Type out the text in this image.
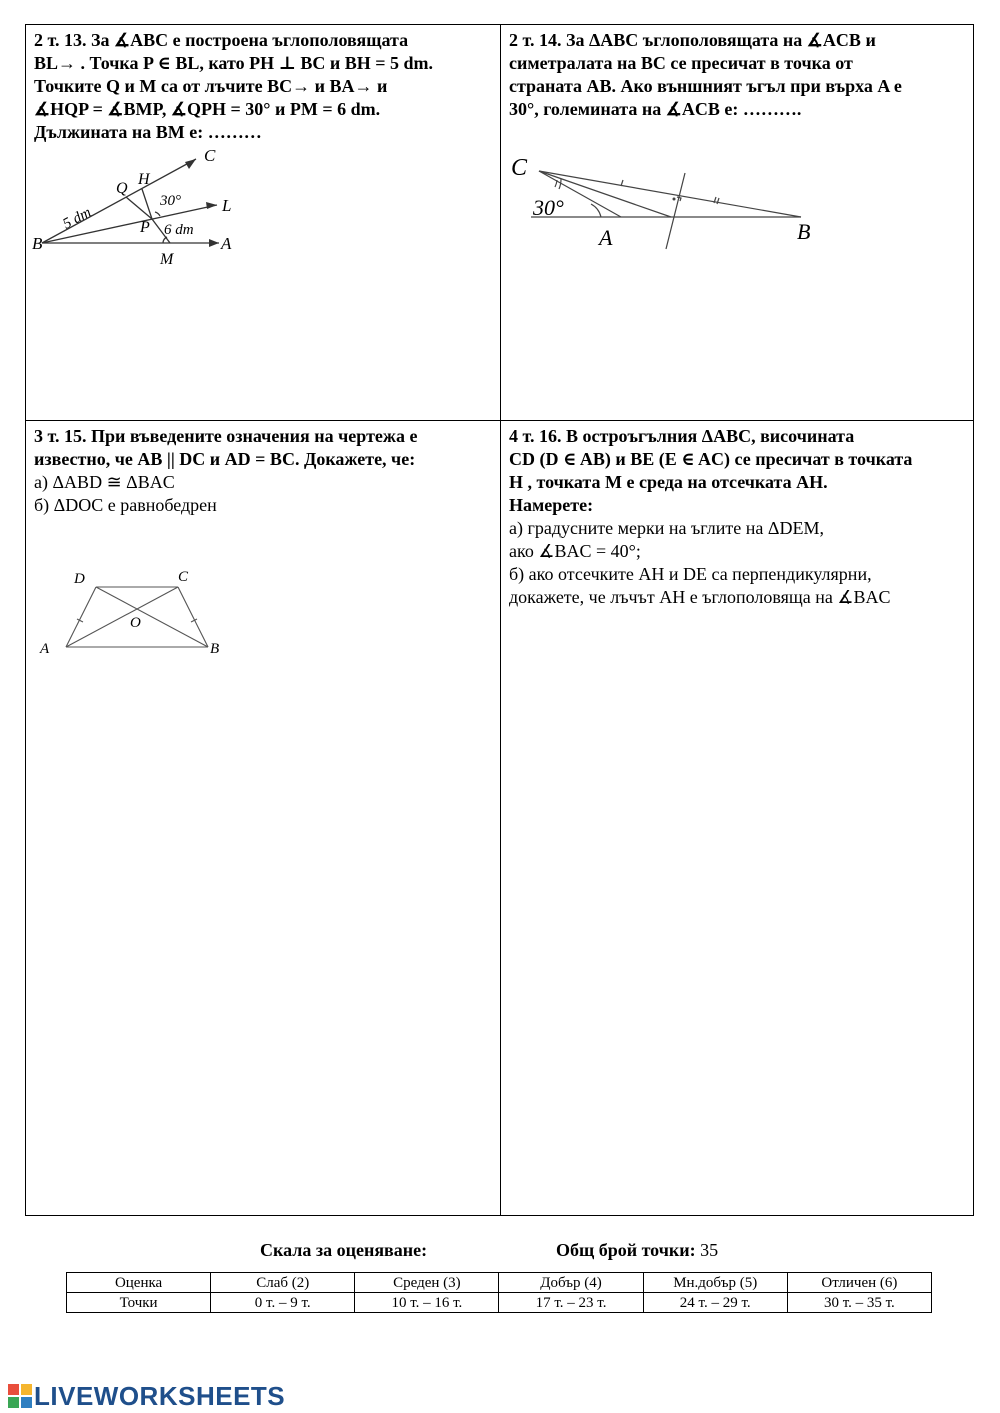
2 т. 13. За ∡ABC е построена ъглополовящата
BL→ . Точка P ∈ BL, като PH ⊥ BC и BH = 5 dm.
Точките Q и M са от лъчите BC→ и BA→ и
∡HQP = ∡BMP, ∡QPH = 30° и PM = 6 dm.
Дължината на BM е: ………
C
H
Q
5 dm
30° L
P 6 dm
B	A
M
2 т. 14. За ΔABC ъглополовящата на ∡ACB и
симетралата на BC се пресичат в точка от
страната AB. Ако външният ъгъл при върха A е
30°, големината на ∡ACB е: ……….
C
30°
A	B
3 т. 15. При въведените означения на чертежа е
известно, че AB || DC и AD = BC. Докажете, че:
а) ΔABD ≅ ΔBAC
б) ΔDOC е равнобедрен
D	C
O
A	B
4 т. 16. В остроъгълния ΔABC, височината
CD (D ∈ AB) и BE (E ∈ AC) се пресичат в точката
H , точката M е среда на отсечката AH.
Намерете:
а) градусните мерки на ъглите на ΔDEM,
ако ∡BAC = 40°;
б) ако отсечките AH и DE са перпендикулярни,
докажете, че лъчът AH е ъглополовяща на ∡BAC
Скала за оценяване:	Общ брой точки: 35
Оценка	Слаб (2)	Среден (3)	Добър (4)	Мн.добър (5)	Отличен (6)
Точки	0 т. – 9 т.	10 т. – 16 т.	17 т. – 23 т.	24 т. – 29 т.	30 т. – 35 т.
LIVEWORKSHEETS
